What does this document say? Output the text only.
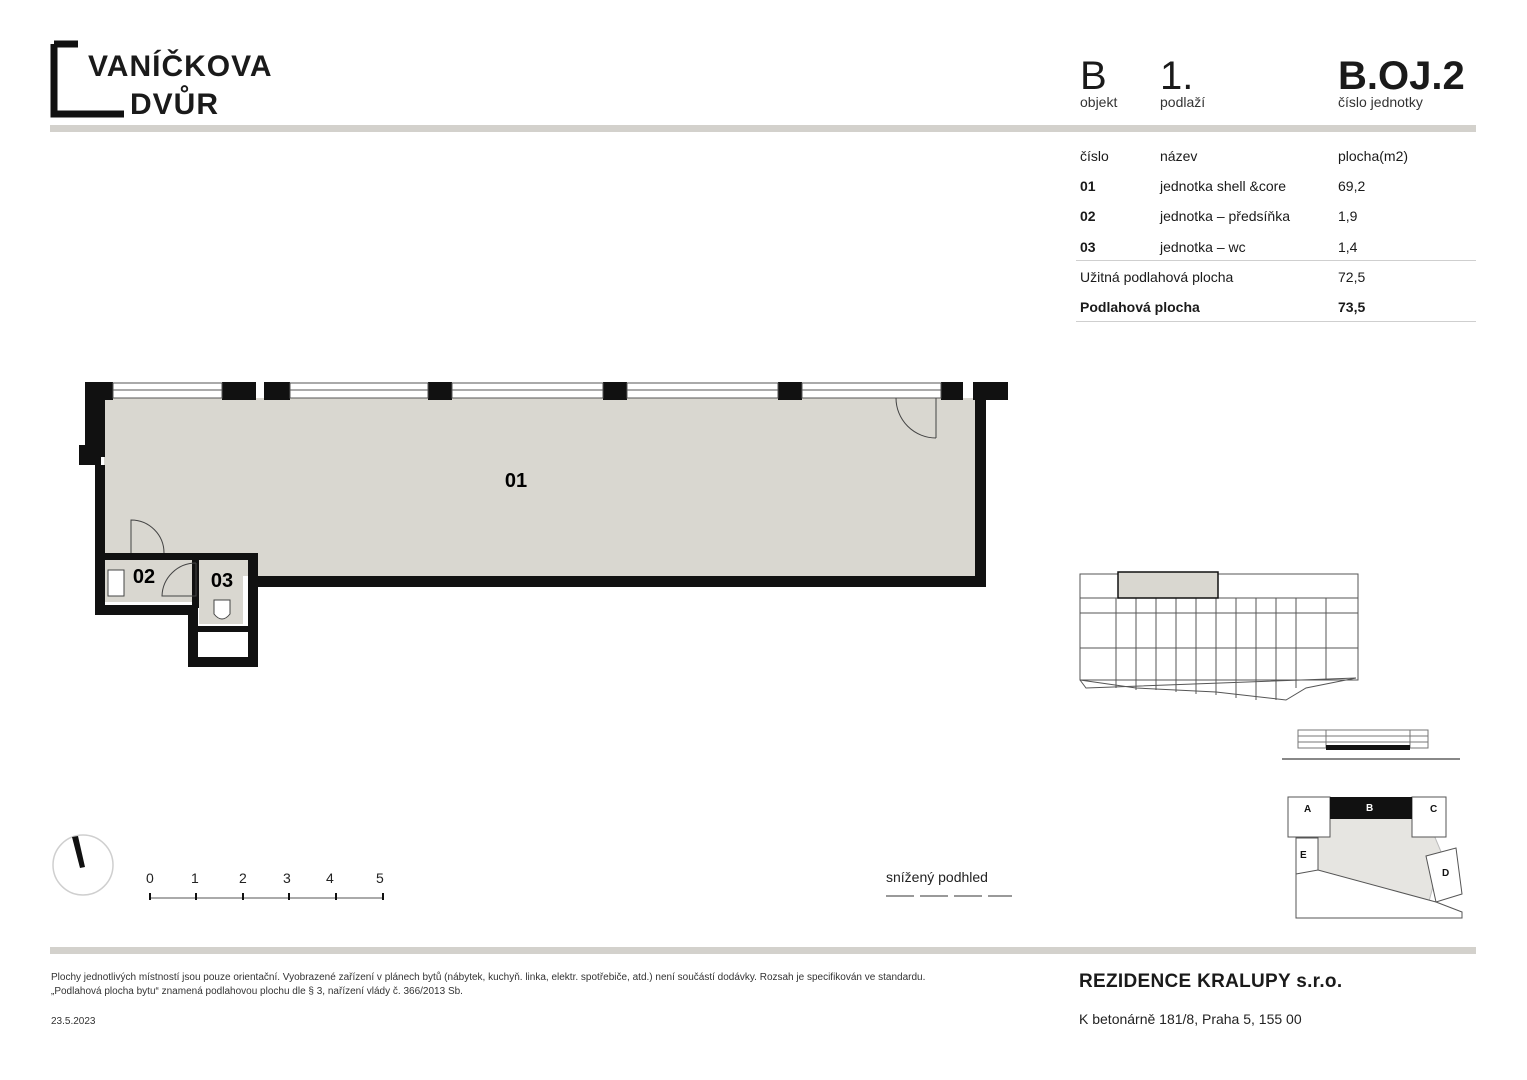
VANÍČKOVA
DVŮR
B
objekt
1.
podlaží
B.OJ.2
číslo jednotky
číslo	název	plocha(m2)
01	jednotka shell &core	69,2
02	jednotka – předsíňka	1,9
03	jednotka – wc	1,4
Užitná podlahová plocha	72,5
Podlahová plocha	73,5
01
02	03
0	1	2	3	4	5	snížený podhled
A	B	C
D
E
Plochy jednotlivých místností jsou pouze orientační. Vyobrazené zařízení v plánech bytů (nábytek, kuchyň. linka, elektr. spotřebiče, atd.) není součástí dodávky. Rozsah je specifikován ve standardu.
„Podlahová plocha bytu“ znamená podlahovou plochu dle § 3, nařízení vlády č. 366/2013 Sb.
23.5.2023
REZIDENCE KRALUPY s.r.o.
K betonárně 181/8, Praha 5, 155 00
